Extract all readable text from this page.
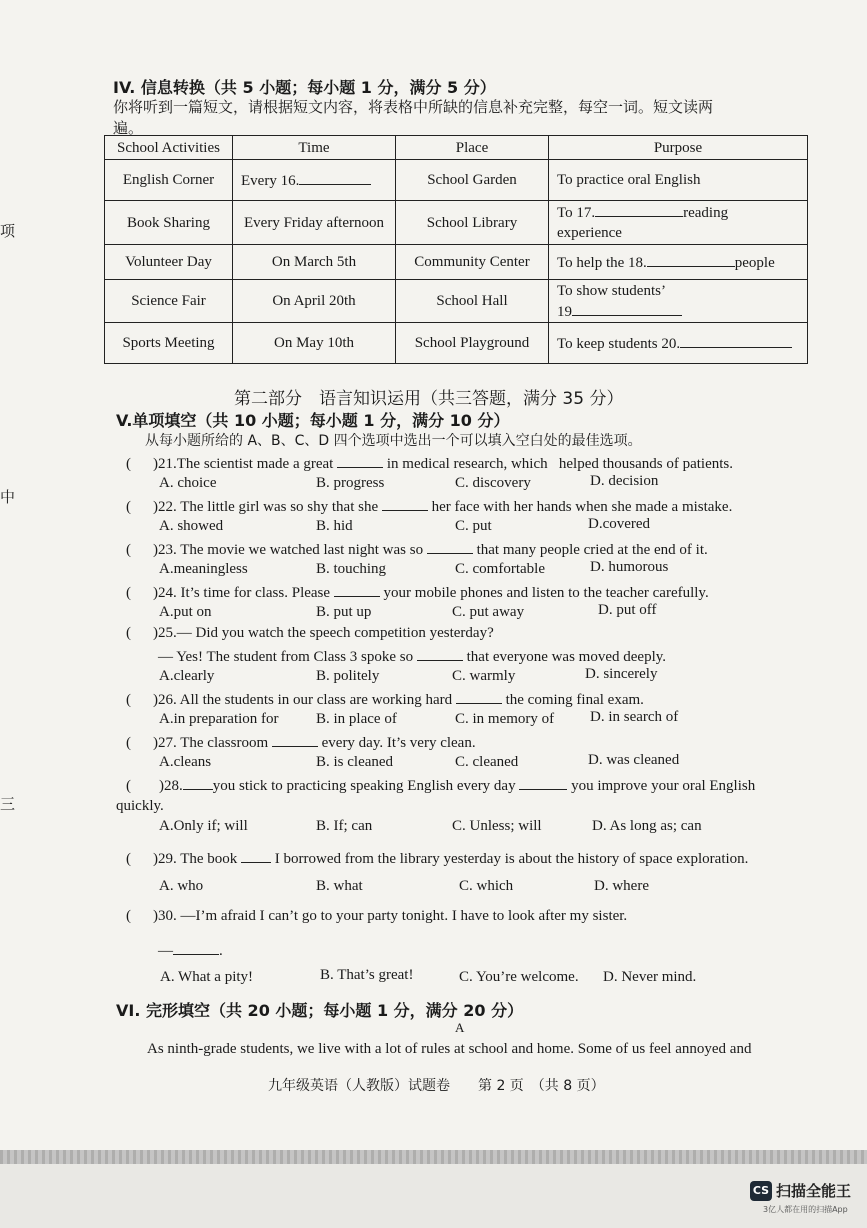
项
中
三
IV. 信息转换（共 5 小题；每小题 1 分，满分 5 分）
你将听到一篇短文，请根据短文内容，将表格中所缺的信息补充完整，每空一词。短文读两
遍。
School Activities	Time	Place	Purpose
English Corner	Every 16.	School Garden	To practice oral English
Book Sharing	Every Friday afternoon	School Library	To 17. reading
experience

Volunteer Day	On March 5th	Community Center	To help the 18. people
Science Fair	On April 20th	School Hall	To show students’
19

Sports Meeting	On May 10th	School Playground	To keep students 20.
第二部分　语言知识运用（共三答题，满分 35 分）
V.单项填空（共 10 小题；每小题 1 分，满分 10 分）
从每小题所给的 A、B、C、D 四个选项中选出一个可以填入空白处的最佳选项。
( )21.The scientist made a great	in medical research, which helped thousands of patients.
A. choice	B. progress	C. discovery	D. decision
( )22. The little girl was so shy that she	her face with her hands when she made a mistake.
A. showed	B. hid	C. put	D.covered
( )23. The movie we watched last night was so	that many people cried at the end of it.
A.meaningless	B. touching	C. comfortable	D. humorous
( )24. It’s time for class. Please	your mobile phones and listen to the teacher carefully.
A.put on	B. put up	C. put away	D. put off
( )25.— Did you watch the speech competition yesterday?
— Yes! The student from Class 3 spoke so	that everyone was moved deeply.
A.clearly	B. politely	C. warmly	D. sincerely
( )26. All the students in our class are working hard	the coming final exam.
A.in preparation for B. in place of	C. in memory of D. in search of
( )27. The classroom	every day. It’s very clean.
A.cleans	B. is cleaned	C. cleaned	D. was cleaned
( )28. you stick to practicing speaking English every day	you improve your oral English
quickly.
A.Only if; will	B. If; can	C. Unless; will	D. As long as; can
( )29. The book	I borrowed from the library yesterday is about the history of space exploration.
A. who	B. what	C. which	D. where
( )30. —I’m afraid I can’t go to your party tonight. I have to look after my sister.
—	.
A. What a pity!	B. That’s great!	C. You’re welcome. D. Never mind.
VI. 完形填空（共 20 小题；每小题 1 分，满分 20 分）
A
As ninth-grade students, we live with a lot of rules at school and home. Some of us feel annoyed and
九年级英语（人教版）试题卷　　第 2 页　（共 8 页）
CS 扫描全能王
3亿人都在用的扫描App
